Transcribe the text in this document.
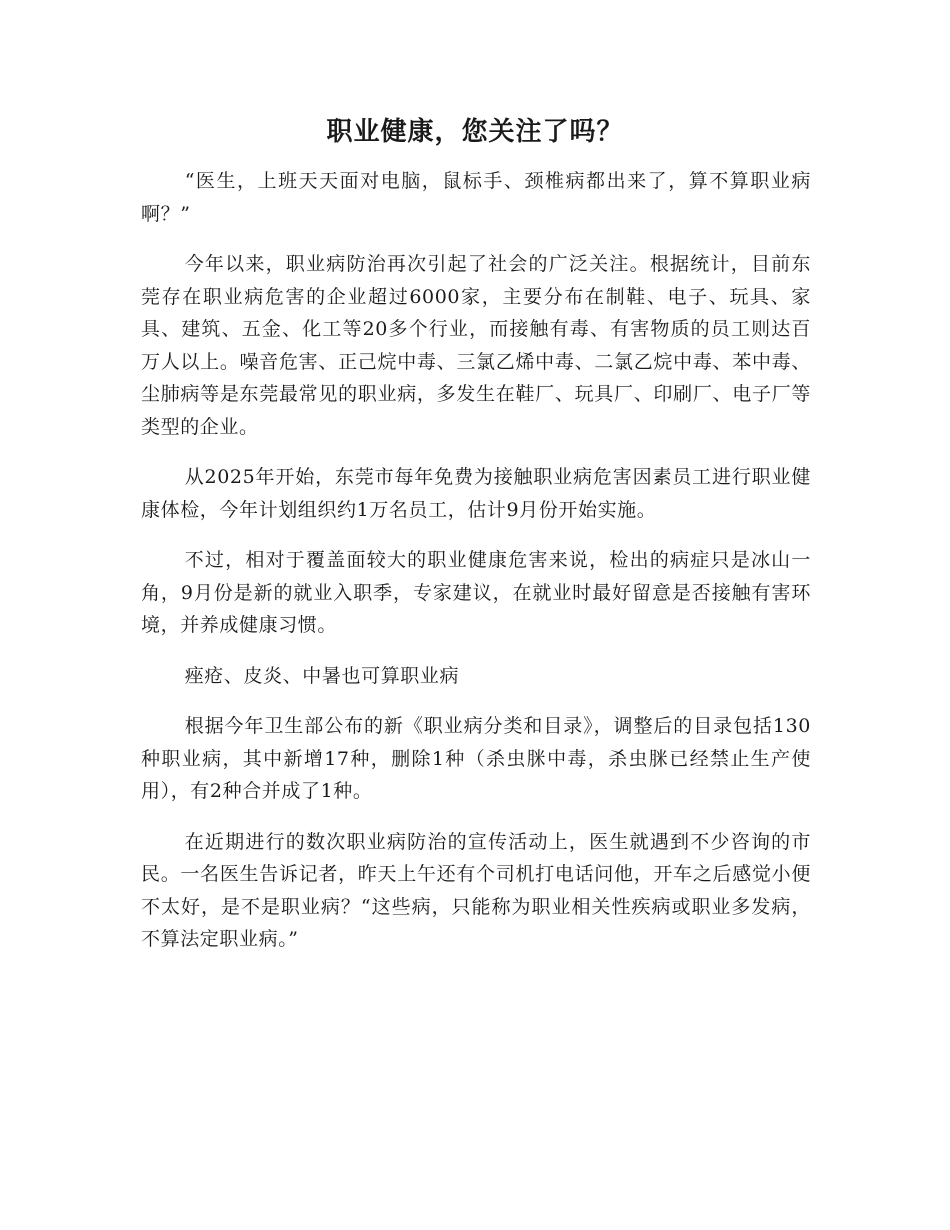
职业健康，您关注了吗？

“医生，上班天天面对电脑，鼠标手、颈椎病都出来了，算不算职业病啊？”

今年以来，职业病防治再次引起了社会的广泛关注。根据统计，目前东莞存在职业病危害的企业超过6000家，主要分布在制鞋、电子、玩具、家具、建筑、五金、化工等20多个行业，而接触有毒、有害物质的员工则达百万人以上。噪音危害、正己烷中毒、三氯乙烯中毒、二氯乙烷中毒、苯中毒、尘肺病等是东莞最常见的职业病，多发生在鞋厂、玩具厂、印刷厂、电子厂等类型的企业。

从2025年开始，东莞市每年免费为接触职业病危害因素员工进行职业健康体检，今年计划组织约1万名员工，估计9月份开始实施。

不过，相对于覆盖面较大的职业健康危害来说，检出的病症只是冰山一角，9月份是新的就业入职季，专家建议，在就业时最好留意是否接触有害环境，并养成健康习惯。

痤疮、皮炎、中暑也可算职业病

根据今年卫生部公布的新《职业病分类和目录》，调整后的目录包括130种职业病，其中新增17种，删除1种（杀虫脒中毒，杀虫脒已经禁止生产使用），有2种合并成了1种。

在近期进行的数次职业病防治的宣传活动上，医生就遇到不少咨询的市民。一名医生告诉记者，昨天上午还有个司机打电话问他，开车之后感觉小便不太好，是不是职业病？“这些病，只能称为职业相关性疾病或职业多发病，不算法定职业病。”
